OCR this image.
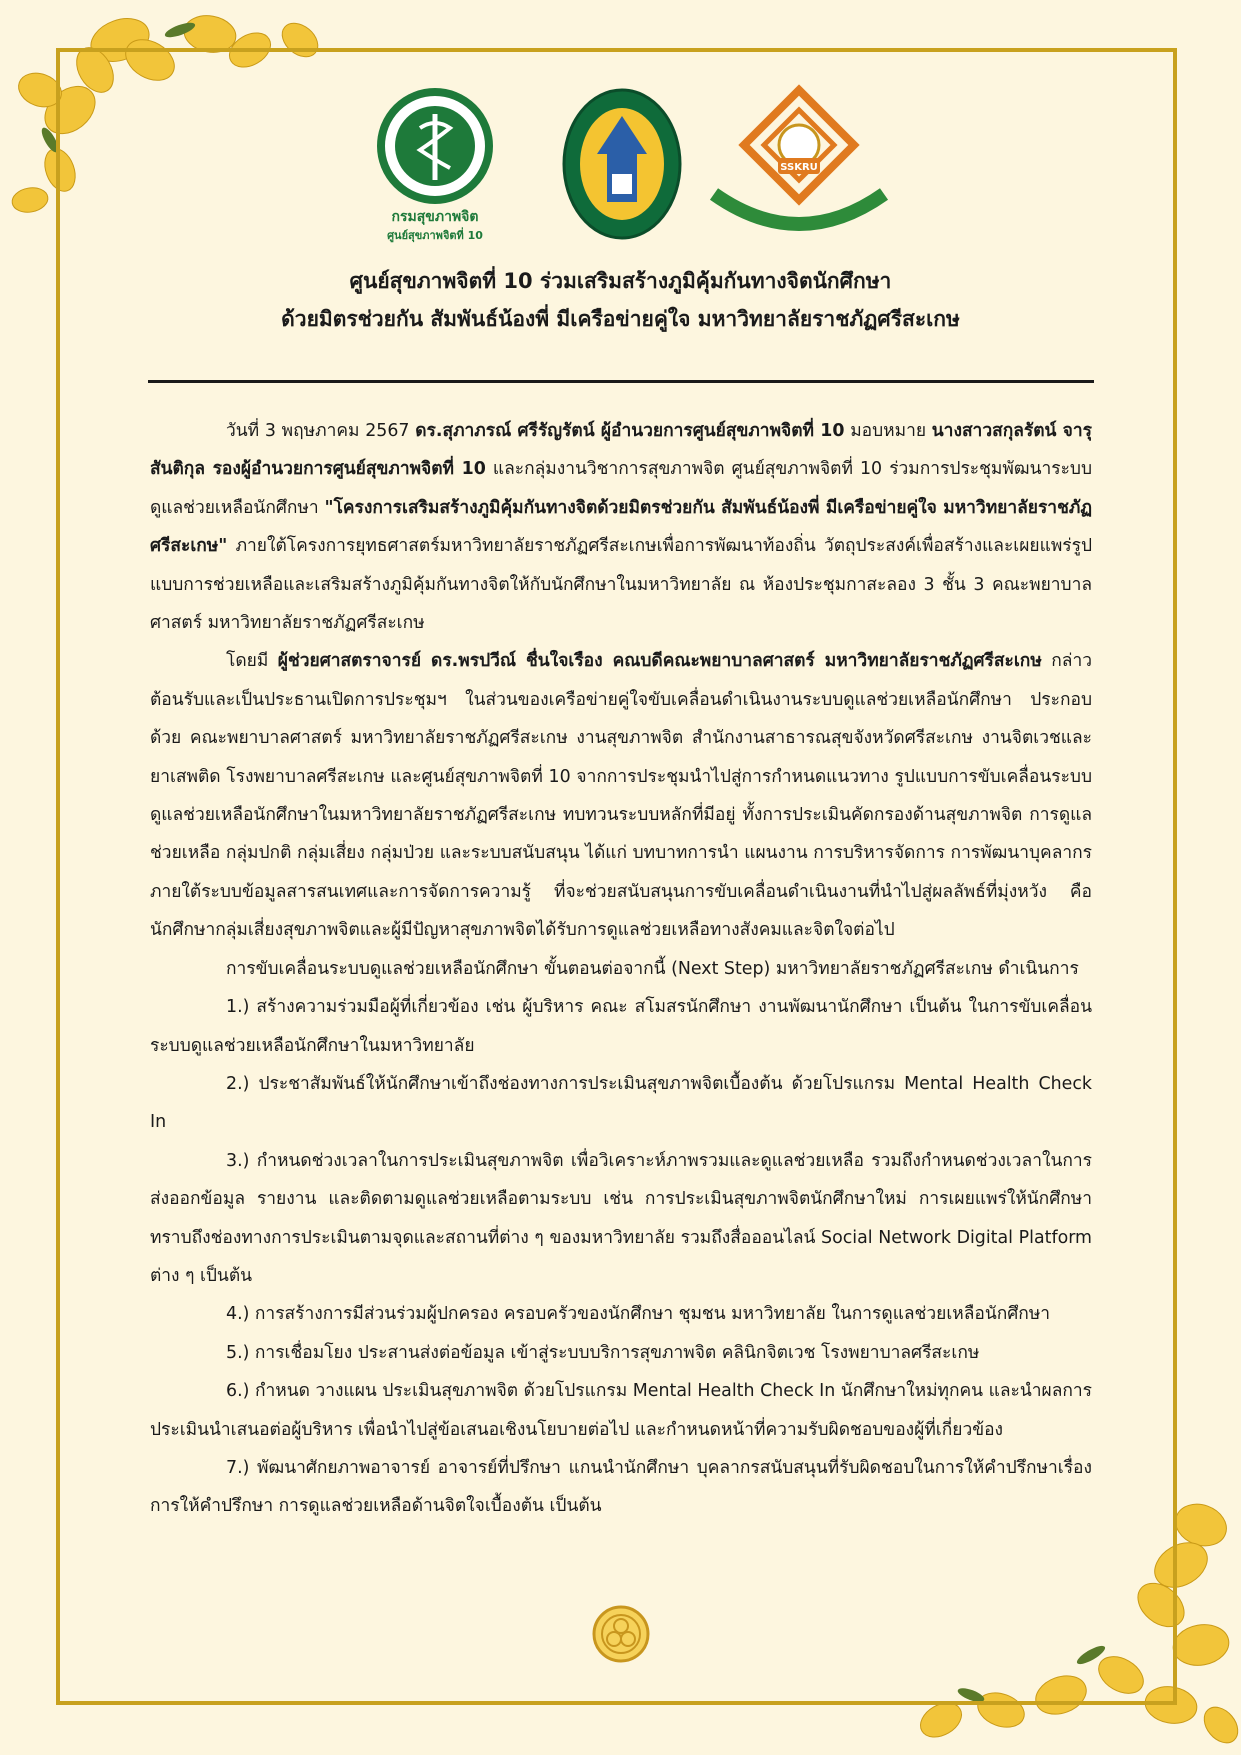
กรมสุขภาพจิต
ศูนย์สุขภาพจิตที่ 10
SSKRU
ศูนย์สุขภาพจิตที่ 10 ร่วมเสริมสร้างภูมิคุ้มกันทางจิตนักศึกษา
ด้วยมิตรช่วยกัน สัมพันธ์น้องพี่ มีเครือข่ายคู่ใจ มหาวิทยาลัยราชภัฏศรีสะเกษ

วันที่ 3 พฤษภาคม 2567 ดร.สุภาภรณ์ ศรีรัญรัตน์ ผู้อำนวยการศูนย์สุขภาพจิตที่ 10 มอบหมาย นางสาวสกุลรัตน์ จารุสันติกุล รองผู้อำนวยการศูนย์สุขภาพจิตที่ 10 และกลุ่มงานวิชาการสุขภาพจิต ศูนย์สุขภาพจิตที่ 10 ร่วมการประชุมพัฒนาระบบดูแลช่วยเหลือนักศึกษา "โครงการเสริมสร้างภูมิคุ้มกันทางจิตด้วยมิตรช่วยกัน สัมพันธ์น้องพี่ มีเครือข่ายคู่ใจ มหาวิทยาลัยราชภัฏศรีสะเกษ" ภายใต้โครงการยุทธศาสตร์มหาวิทยาลัยราชภัฏศรีสะเกษเพื่อการพัฒนาท้องถิ่น วัตถุประสงค์เพื่อสร้างและเผยแพร่รูปแบบการช่วยเหลือและเสริมสร้างภูมิคุ้มกันทางจิตให้กับนักศึกษาในมหาวิทยาลัย ณ ห้องประชุมกาสะลอง 3 ชั้น 3 คณะพยาบาลศาสตร์ มหาวิทยาลัยราชภัฏศรีสะเกษ

โดยมี ผู้ช่วยศาสตราจารย์ ดร.พรปวีณ์ ชื่นใจเรือง คณบดีคณะพยาบาลศาสตร์ มหาวิทยาลัยราชภัฏศรีสะเกษ กล่าวต้อนรับและเป็นประธานเปิดการประชุมฯ ในส่วนของเครือข่ายคู่ใจขับเคลื่อนดำเนินงานระบบดูแลช่วยเหลือนักศึกษา ประกอบด้วย คณะพยาบาลศาสตร์ มหาวิทยาลัยราชภัฏศรีสะเกษ งานสุขภาพจิต สำนักงานสาธารณสุขจังหวัดศรีสะเกษ งานจิตเวชและยาเสพติด โรงพยาบาลศรีสะเกษ และศูนย์สุขภาพจิตที่ 10 จากการประชุมนำไปสู่การกำหนดแนวทาง รูปแบบการขับเคลื่อนระบบดูแลช่วยเหลือนักศึกษาในมหาวิทยาลัยราชภัฏศรีสะเกษ ทบทวนระบบหลักที่มีอยู่ ทั้งการประเมินคัดกรองด้านสุขภาพจิต การดูแลช่วยเหลือ กลุ่มปกติ กลุ่มเสี่ยง กลุ่มป่วย และระบบสนับสนุน ได้แก่ บทบาทการนำ แผนงาน การบริหารจัดการ การพัฒนาบุคลากร ภายใต้ระบบข้อมูลสารสนเทศและการจัดการความรู้ ที่จะช่วยสนับสนุนการขับเคลื่อนดำเนินงานที่นำไปสู่ผลลัพธ์ที่มุ่งหวัง คือ นักศึกษากลุ่มเสี่ยงสุขภาพจิตและผู้มีปัญหาสุขภาพจิตได้รับการดูแลช่วยเหลือทางสังคมและจิตใจต่อไป

การขับเคลื่อนระบบดูแลช่วยเหลือนักศึกษา ขั้นตอนต่อจากนี้ (Next Step) มหาวิทยาลัยราชภัฏศรีสะเกษ ดำเนินการ

1.) สร้างความร่วมมือผู้ที่เกี่ยวข้อง เช่น ผู้บริหาร คณะ สโมสรนักศึกษา งานพัฒนานักศึกษา เป็นต้น ในการขับเคลื่อนระบบดูแลช่วยเหลือนักศึกษาในมหาวิทยาลัย

2.) ประชาสัมพันธ์ให้นักศึกษาเข้าถึงช่องทางการประเมินสุขภาพจิตเบื้องต้น ด้วยโปรแกรม Mental Health Check In

3.) กำหนดช่วงเวลาในการประเมินสุขภาพจิต เพื่อวิเคราะห์ภาพรวมและดูแลช่วยเหลือ รวมถึงกำหนดช่วงเวลาในการส่งออกข้อมูล รายงาน และติดตามดูแลช่วยเหลือตามระบบ เช่น การประเมินสุขภาพจิตนักศึกษาใหม่ การเผยแพร่ให้นักศึกษาทราบถึงช่องทางการประเมินตามจุดและสถานที่ต่าง ๆ ของมหาวิทยาลัย รวมถึงสื่อออนไลน์ Social Network Digital Platform ต่าง ๆ เป็นต้น

4.) การสร้างการมีส่วนร่วมผู้ปกครอง ครอบครัวของนักศึกษา ชุมชน มหาวิทยาลัย ในการดูแลช่วยเหลือนักศึกษา

5.) การเชื่อมโยง ประสานส่งต่อข้อมูล เข้าสู่ระบบบริการสุขภาพจิต คลินิกจิตเวช โรงพยาบาลศรีสะเกษ

6.) กำหนด วางแผน ประเมินสุขภาพจิต ด้วยโปรแกรม Mental Health Check In นักศึกษาใหม่ทุกคน และนำผลการประเมินนำเสนอต่อผู้บริหาร เพื่อนำไปสู่ข้อเสนอเชิงนโยบายต่อไป และกำหนดหน้าที่ความรับผิดชอบของผู้ที่เกี่ยวข้อง

7.) พัฒนาศักยภาพอาจารย์ อาจารย์ที่ปรึกษา แกนนำนักศึกษา บุคลากรสนับสนุนที่รับผิดชอบในการให้คำปรึกษาเรื่อง การให้คำปรึกษา การดูแลช่วยเหลือด้านจิตใจเบื้องต้น เป็นต้น
